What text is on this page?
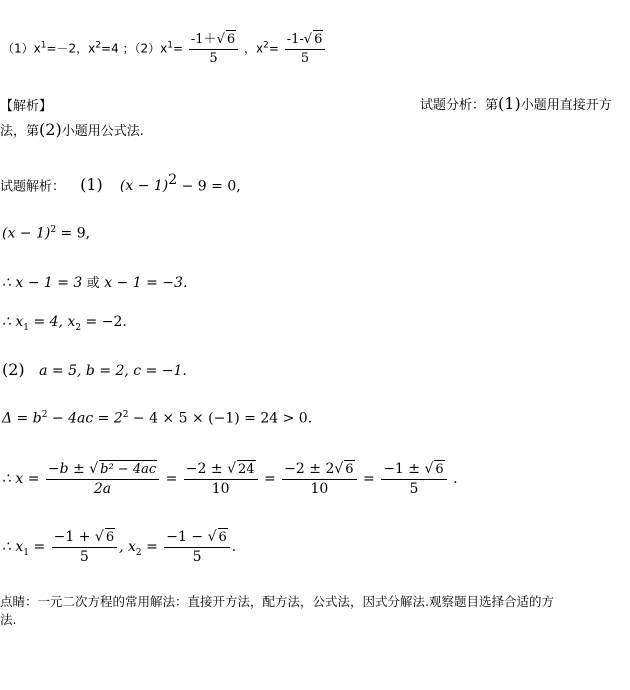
$(1)x^1=-2$，$x^2=4$ ；$(2)x^1= \frac{-1+√ 6}{5}$ ，$x^2= \frac{-1-√ 6}{5}$
【解析】	试题分析：第(1)小题用直接开方
法，第(2)小题用公式法.
试题解析： (1) $(x - 1)^2 - 9 = 0$,
$(x - 1)^2 = 9$,
∴ x − 1 = 3 或 x − 1 = −3.
∴ $x_1 = 4$, $x_2 = -2$.
(2) a = 5, b = 2, c = −1.
$\Delta = b^2 - 4ac = 2^2 - 4 \times 5 \times (-1) = 24 > 0$.
∴ $x = \frac{\text{−b ± √ b² − 4ac}}{2a} = \frac{-2 \pm √ 24}{10} = \frac{-2 \pm 2√ 6}{10} = \frac{-1 \pm √ 6}{5}$ .
∴ $x_1 = \frac{-1 + √ 6}{5}$ , $x_2 = \frac{-1 - √ 6}{5}$ .
点睛：一元二次方程的常用解法：直接开方法，配方法，公式法，因式分解法.观察题目选择合适的方
法.
